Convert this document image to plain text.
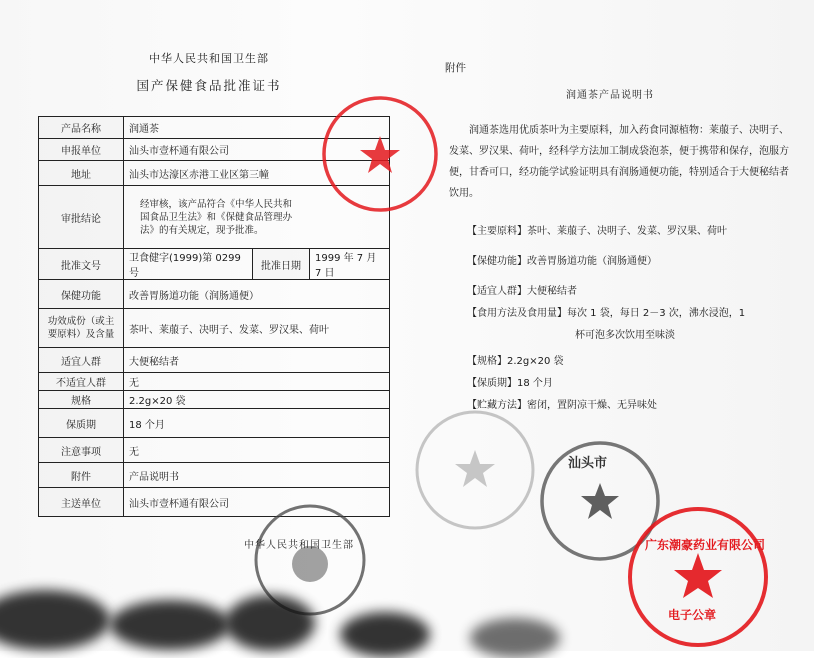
中华人民共和国卫生部
国产保健食品批准证书
产品名称	润通茶		
申报单位	汕头市壹杯通有限公司		
地址	汕头市达濠区赤港工业区第三幢		
审批结论	经审核，该产品符合《中华人民共和国食品卫生法》和《保健食品管理办法》的有关规定，现予批准。		
批准文号	卫食健字(1999)第 0299 号	批准日期	1999 年 7 月 7 日
保健功能	改善胃肠道功能（润肠通便）		
功效成份（或主要原料）及含量	茶叶、莱菔子、决明子、发菜、罗汉果、荷叶		
适宜人群	大便秘结者		
不适宜人群	无		
规格	2.2g×20 袋		
保质期	18 个月		
注意事项	无		
附件	产品说明书		
主送单位	汕头市壹杯通有限公司		
中华人民共和国卫生部
附件
润通茶产品说明书
润通茶选用优质茶叶为主要原料，加入药食同源植物：莱菔子、决明子、发菜、罗汉果、荷叶，经科学方法加工制成袋泡茶，便于携带和保存，泡服方便，甘香可口，经功能学试验证明具有润肠通便功能，特别适合于大便秘结者饮用。
【主要原料】茶叶、莱菔子、决明子、发菜、罗汉果、荷叶
【保健功能】改善胃肠道功能（润肠通便）
【适宜人群】大便秘结者
【食用方法及食用量】每次 1 袋，每日 2－3 次，沸水浸泡，1
杯可泡多次饮用至味淡
【规格】2.2g×20 袋
【保质期】18 个月
【贮藏方法】密闭，置阴凉干燥、无异味处
汕头市
广东潮豪药业有限公司
电子公章
